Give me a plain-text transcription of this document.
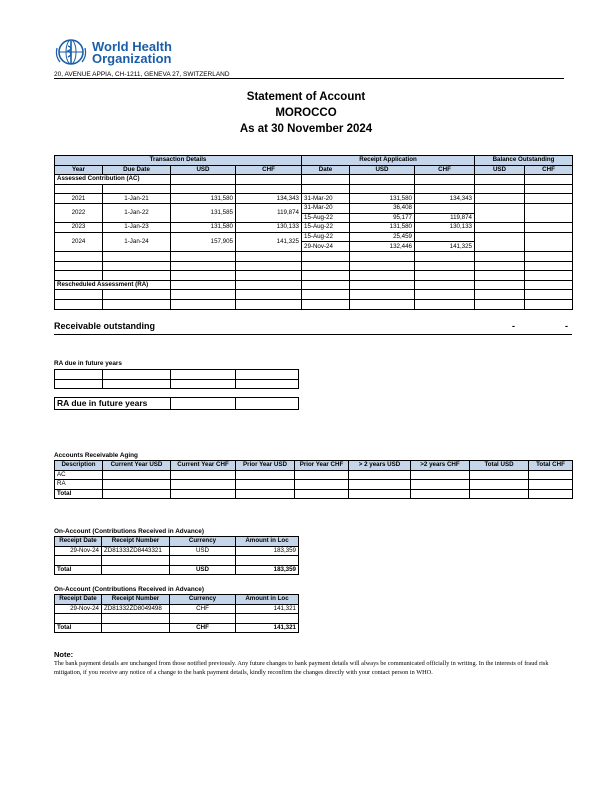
World Health
Organization
20, AVENUE APPIA, CH-1211, GENEVA 27, SWITZERLAND
Statement of Account
MOROCCO
As at 30 November 2024
Transaction Details				Receipt Application			Balance Outstanding	
Year	Due Date	USD	CHF	Date	USD	CHF	USD	CHF
Assessed Contribution (AC)								

2021	1-Jan-21	131,580	134,343	31-Mar-20	131,580	134,343		
2022	1-Jan-22	131,585	119,874	31-Mar-20	36,408			
				15-Aug-22	95,177	119,874		
2023	1-Jan-23	131,580	130,133	15-Aug-22	131,580	130,133		
2024	1-Jan-24	157,905	141,325	15-Aug-22	25,459			
				29-Nov-24	132,446	141,325		

Rescheduled Assessment (RA)								

Receivable outstanding	-	-
RA due in future years

RA due in future years		
Accounts Receivable Aging
Description	Current Year USD	Current Year CHF	Prior Year USD	Prior Year CHF	> 2 years USD	>2 years CHF	Total USD	Total CHF
AC								
RA								
Total								
On-Account (Contributions Received in Advance)
Receipt Date	Receipt Number	Currency	Amount in Loc
29-Nov-24	ZD81333ZD8443321	USD	183,359

Total		USD	183,359
On-Account (Contributions Received in Advance)
Receipt Date	Receipt Number	Currency	Amount in Loc
29-Nov-24	ZD81332ZD8049498	CHF	141,321

Total		CHF	141,321
Note:
The bank payment details are unchanged from those notified previously. Any future changes to bank payment details will always be communicated officially in writing. In the interests of fraud risk mitigation, if you receive any notice of a change to the bank payment details, kindly reconfirm the changes directly with your contact person in WHO.
